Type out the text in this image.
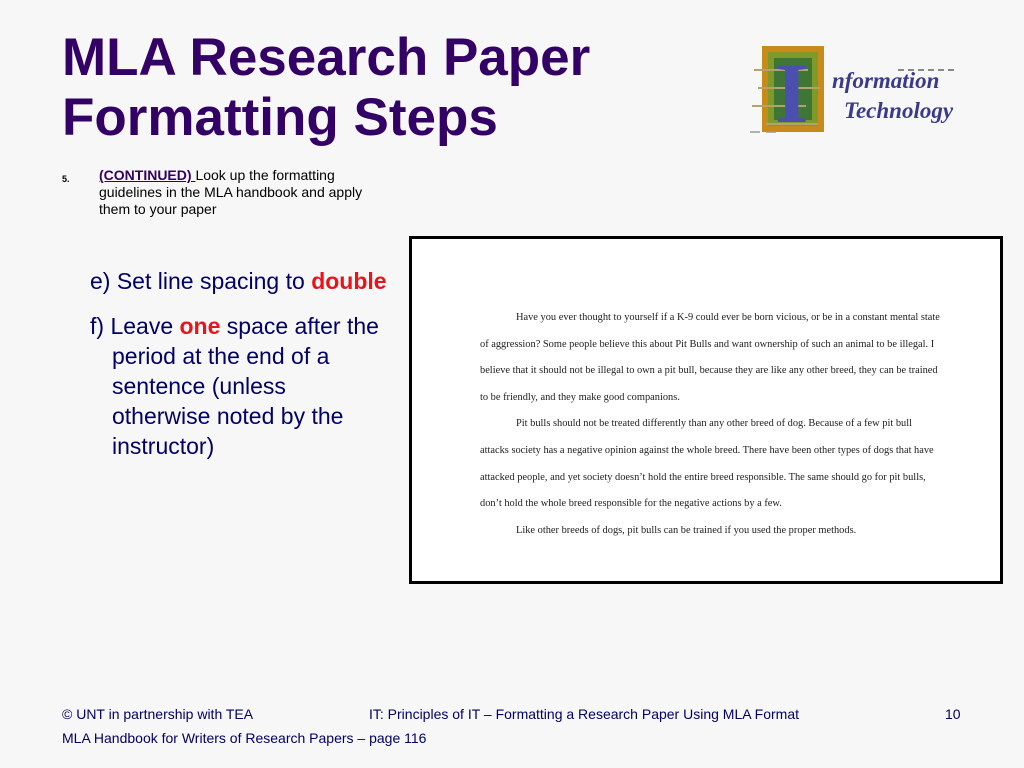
MLA Research Paper
Formatting Steps	I nformation
Technology
5. (CONTINUED) Look up the formatting guidelines in the MLA handbook and apply them to your paper
e) Set line spacing to double
f) Leave one space after the period at the end of a sentence (unless otherwise noted by the instructor)

Have you ever thought to yourself if a K-9 could ever be born vicious, or be in a constant mental state of aggression? Some people believe this about Pit Bulls and want ownership of such an animal to be illegal. I believe that it should not be illegal to own a pit bull, because they are like any other breed, they can be trained to be friendly, and they make good companions.

Pit bulls should not be treated differently than any other breed of dog. Because of a few pit bull attacks society has a negative opinion against the whole breed. There have been other types of dogs that have attacked people, and yet society doesn’t hold the entire breed responsible. The same should go for pit bulls, don’t hold the whole breed responsible for the negative actions by a few.

Like other breeds of dogs, pit bulls can be trained if you used the proper methods.

© UNT in partnership with TEA	IT: Principles of IT – Formatting a Research Paper Using MLA Format	10
MLA Handbook for Writers of Research Papers – page 116
